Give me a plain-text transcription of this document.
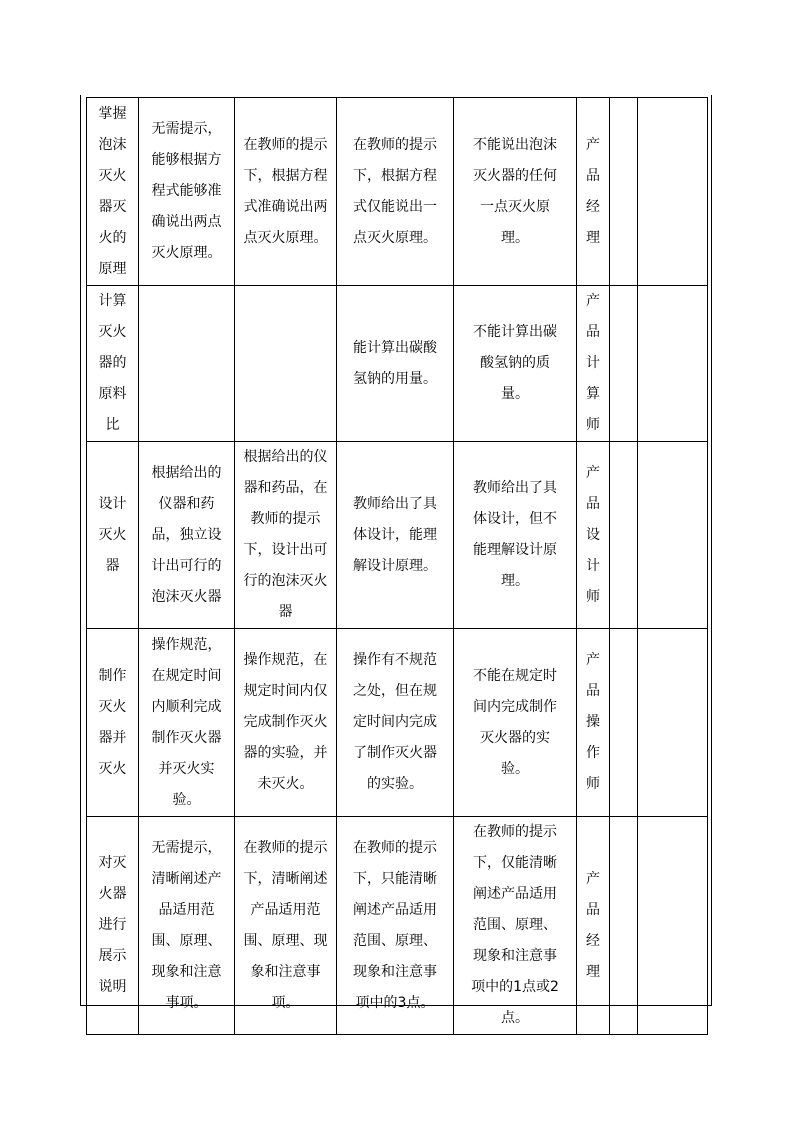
掌握泡沫灭火器灭火的原理	无需提示，能够根据方程式能够准确说出两点灭火原理。	在教师的提示下，根据方程式准确说出两点灭火原理。	在教师的提示下，根据方程式仅能说出一点灭火原理。	不能说出泡沫灭火器的任何一点灭火原理。	产品经理		

计算灭火器的原料比			能计算出碳酸氢钠的用量。	不能计算出碳酸氢钠的质量。	产品计算师		

设计灭火器	根据给出的仪器和药品，独立设计出可行的泡沫灭火器	根据给出的仪器和药品，在教师的提示下，设计出可行的泡沫灭火器	教师给出了具体设计，能理解设计原理。	教师给出了具体设计，但不能理解设计原理。	产品设计师		

制作灭火器并灭火	操作规范，在规定时间内顺利完成制作灭火器并灭火实验。	操作规范，在规定时间内仅完成制作灭火器的实验，并未灭火。	操作有不规范之处，但在规定时间内完成了制作灭火器的实验。	不能在规定时间内完成制作灭火器的实验。	产品操作师		

对灭火器进行展示说明	无需提示，清晰阐述产品适用范围、原理、现象和注意事项。	在教师的提示下，清晰阐述产品适用范围、原理、现象和注意事项。	在教师的提示下，只能清晰阐述产品适用范围、原理、现象和注意事项中的3点。	在教师的提示下，仅能清晰阐述产品适用范围、原理、现象和注意事项中的1点或2点。	产品经理		
